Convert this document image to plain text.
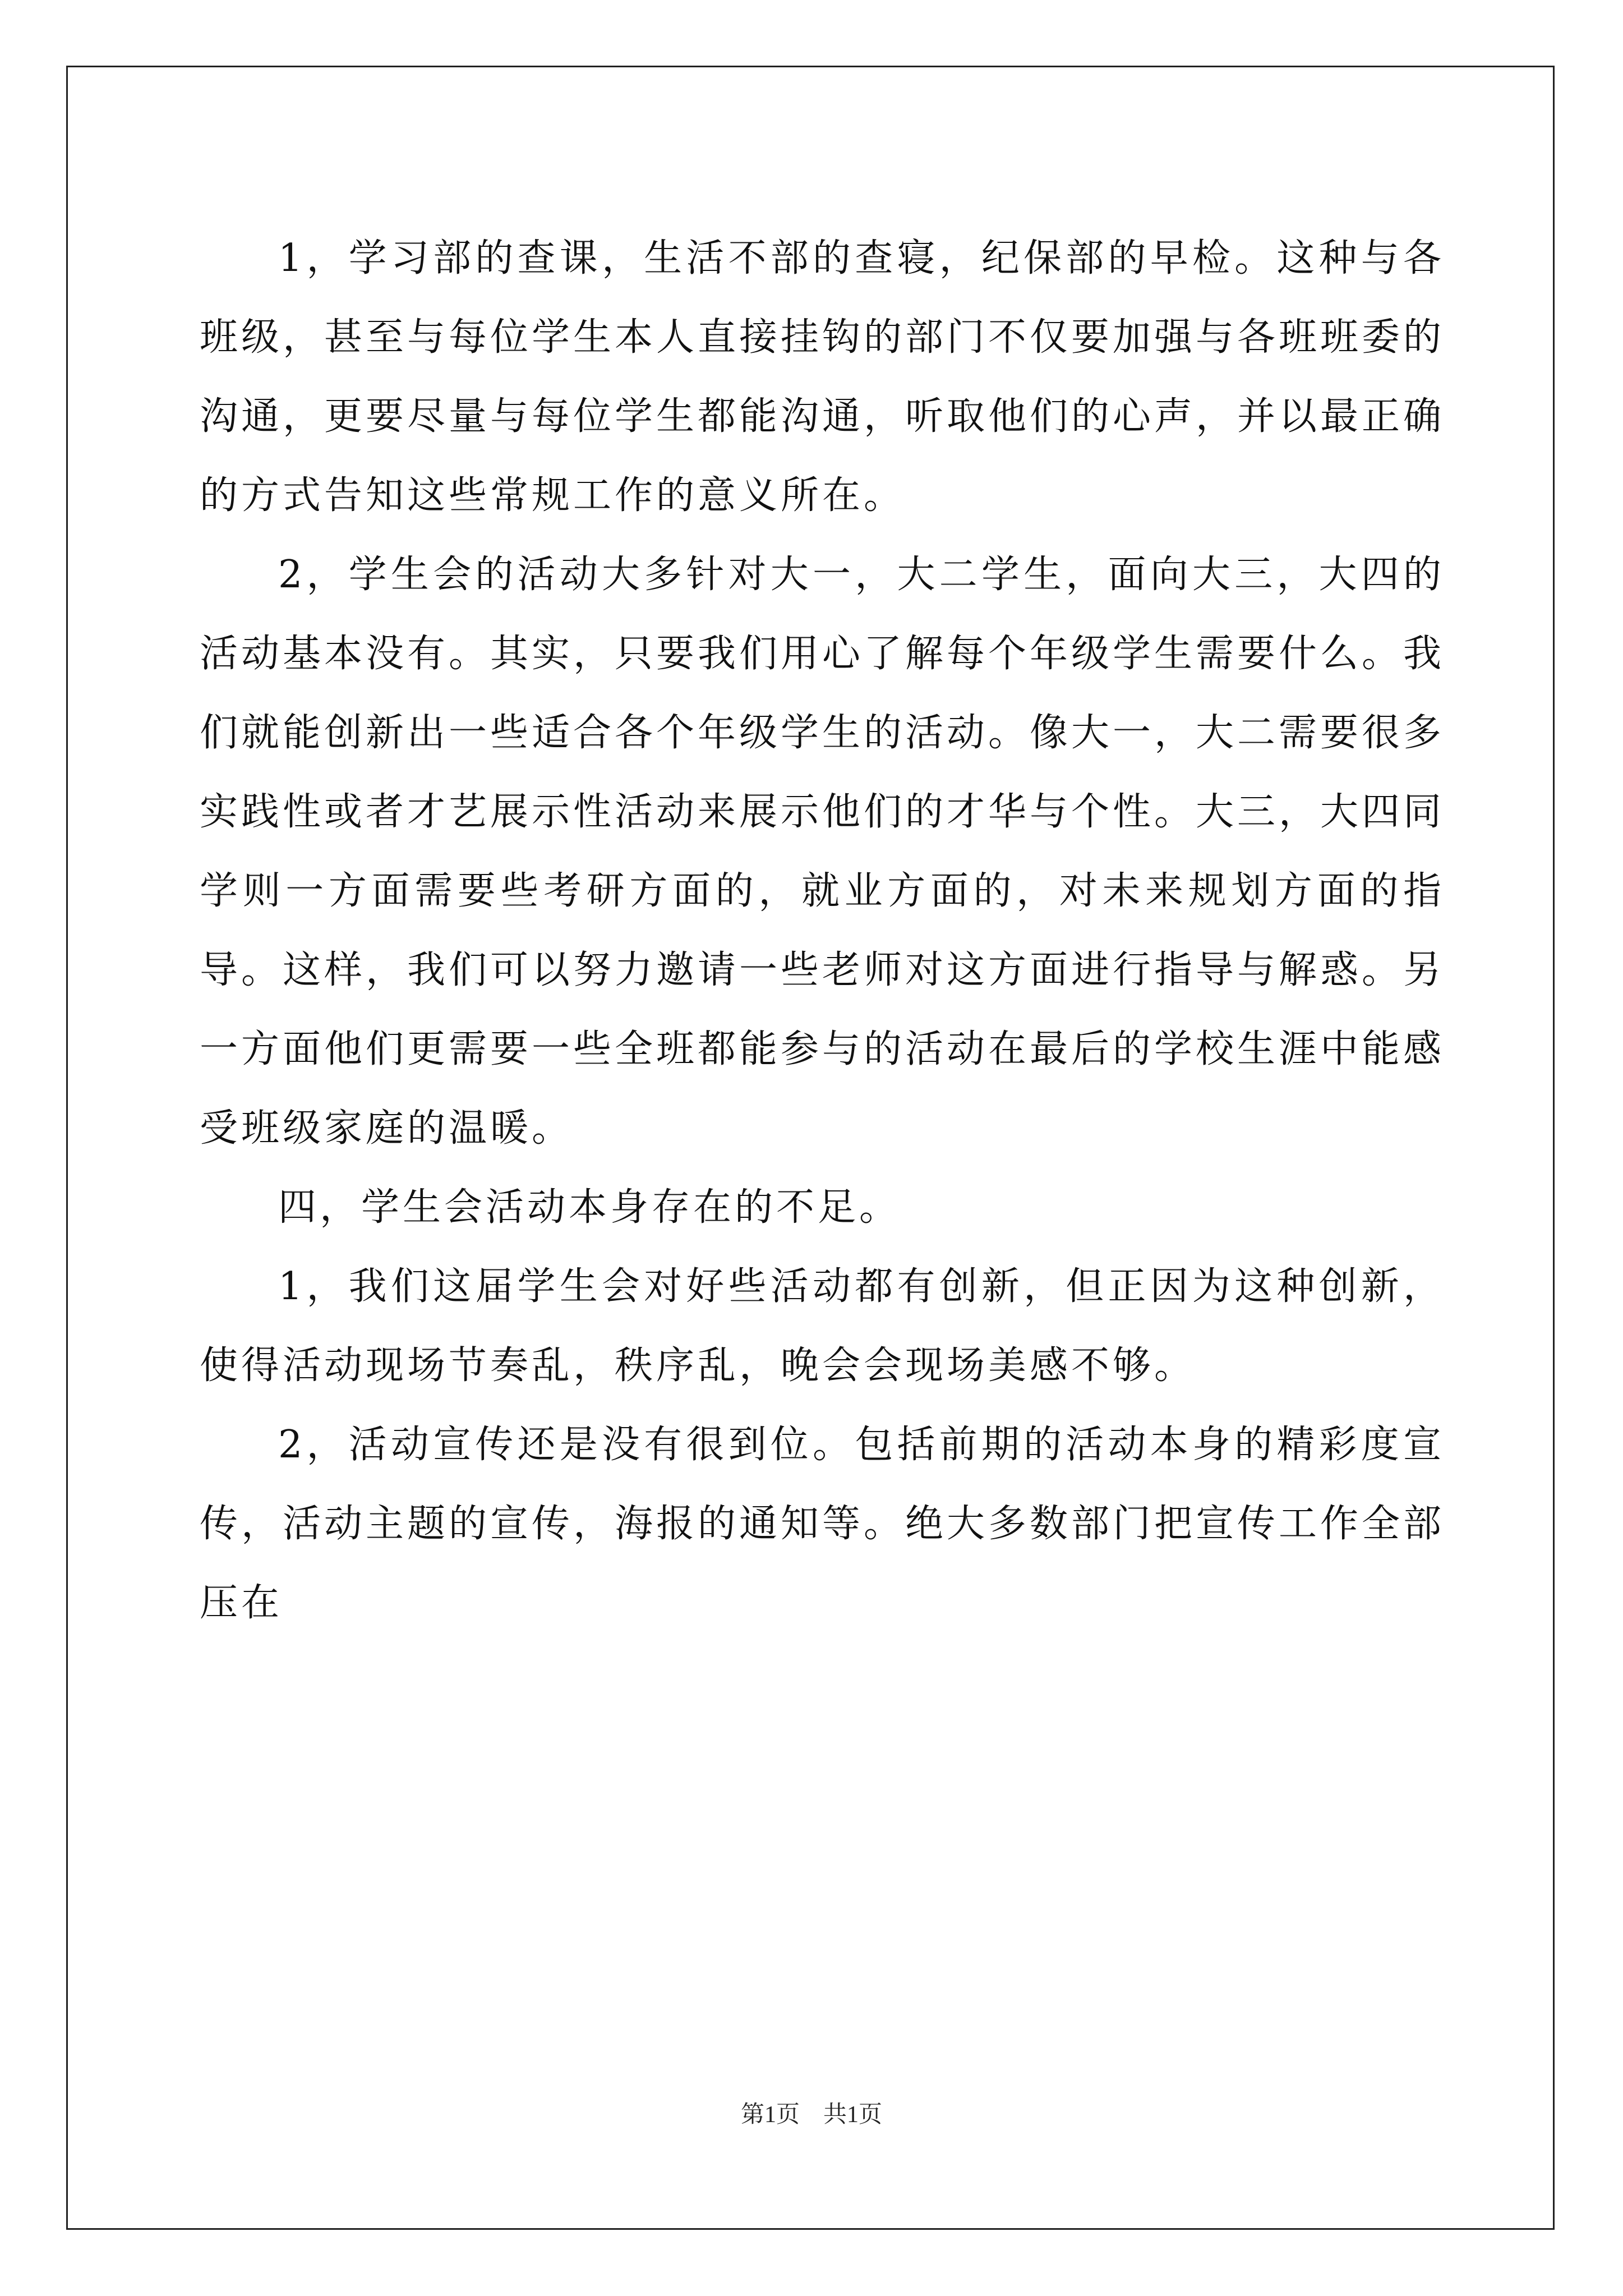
1，学习部的查课，生活不部的查寝，纪保部的早检。这种与各班级，甚至与每位学生本人直接挂钩的部门不仅要加强与各班班委的沟通，更要尽量与每位学生都能沟通，听取他们的心声，并以最正确的方式告知这些常规工作的意义所在。

2，学生会的活动大多针对大一，大二学生，面向大三，大四的活动基本没有。其实，只要我们用心了解每个年级学生需要什么。我们就能创新出一些适合各个年级学生的活动。像大一，大二需要很多实践性或者才艺展示性活动来展示他们的才华与个性。大三，大四同学则一方面需要些考研方面的，就业方面的，对未来规划方面的指导。这样，我们可以努力邀请一些老师对这方面进行指导与解惑。另一方面他们更需要一些全班都能参与的活动在最后的学校生涯中能感受班级家庭的温暖。

四，学生会活动本身存在的不足。

1，我们这届学生会对好些活动都有创新，但正因为这种创新，使得活动现场节奏乱，秩序乱，晚会会现场美感不够。

2，活动宣传还是没有很到位。包括前期的活动本身的精彩度宣传，活动主题的宣传，海报的通知等。绝大多数部门把宣传工作全部压在

第1页　共1页
